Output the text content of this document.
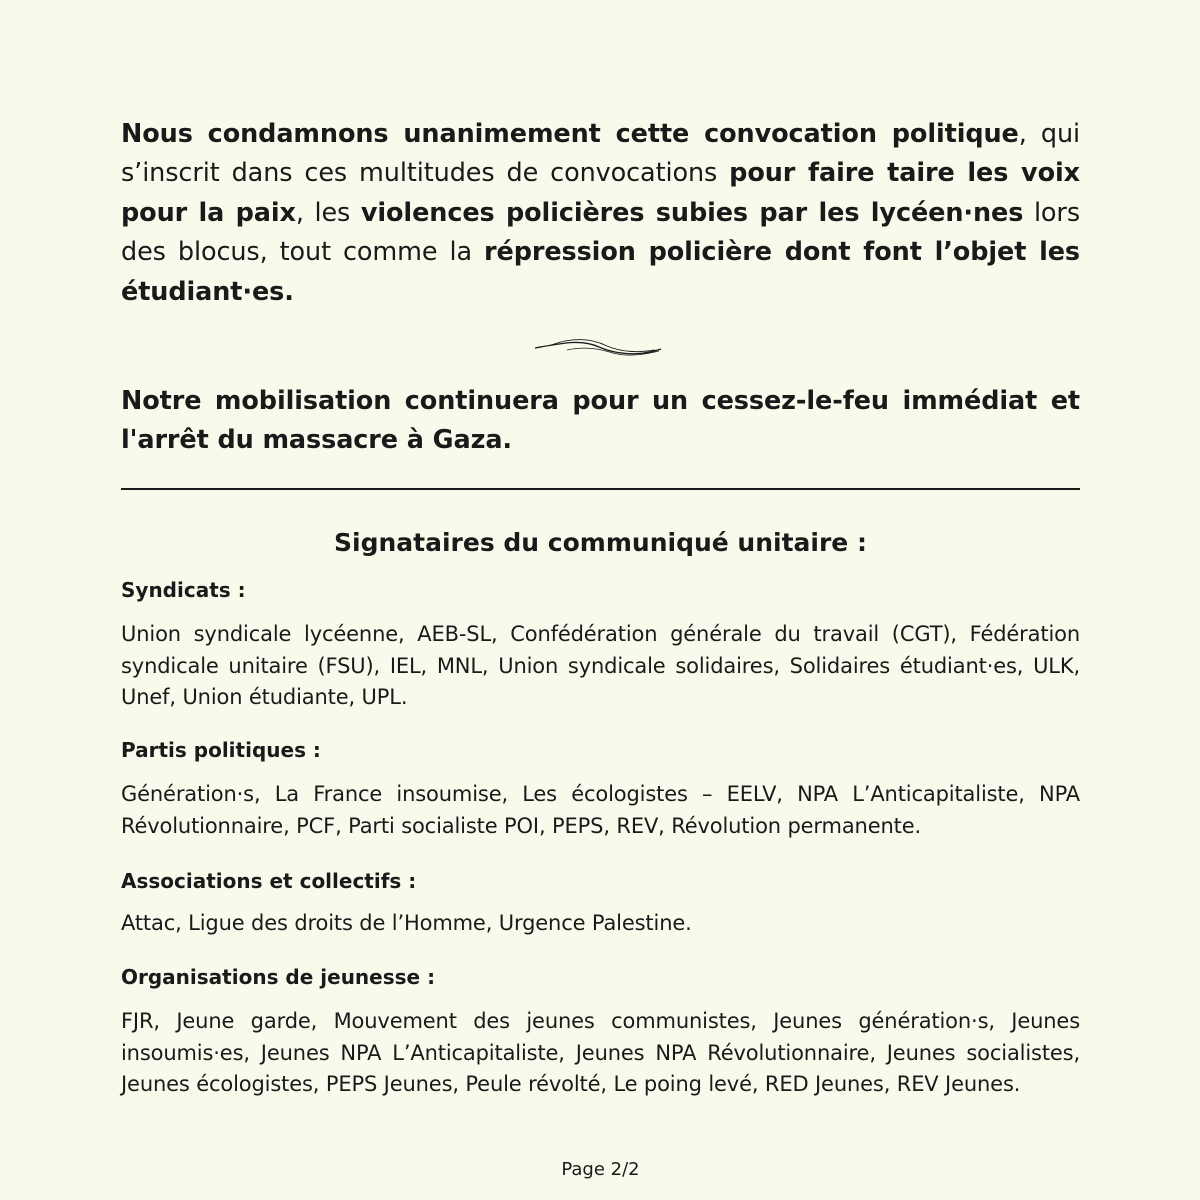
Nous condamnons unanimement cette convocation politique, qui s’inscrit dans ces multitudes de convocations pour faire taire les voix pour la paix, les violences policières subies par les lycéen·nes lors des blocus, tout comme la répression policière dont font l’objet les étudiant·es.

Notre mobilisation continuera pour un cessez-le-feu immédiat et l'arrêt du massacre à Gaza.

Signataires du communiqué unitaire :
Syndicats :

Union syndicale lycéenne, AEB-SL, Confédération générale du travail (CGT), Fédération syndicale unitaire (FSU), IEL, MNL, Union syndicale solidaires, Solidaires étudiant·es, ULK, Unef, Union étudiante, UPL.

Partis politiques :

Génération·s, La France insoumise, Les écologistes – EELV, NPA L’Anticapitaliste, NPA Révolutionnaire, PCF, Parti socialiste POI, PEPS, REV, Révolution permanente.

Associations et collectifs :

Attac, Ligue des droits de l’Homme, Urgence Palestine.

Organisations de jeunesse :

FJR, Jeune garde, Mouvement des jeunes communistes, Jeunes génération·s, Jeunes insoumis·es, Jeunes NPA L’Anticapitaliste, Jeunes NPA Révolutionnaire, Jeunes socialistes, Jeunes écologistes, PEPS Jeunes, Peule révolté, Le poing levé, RED Jeunes, REV Jeunes.

Page 2/2
